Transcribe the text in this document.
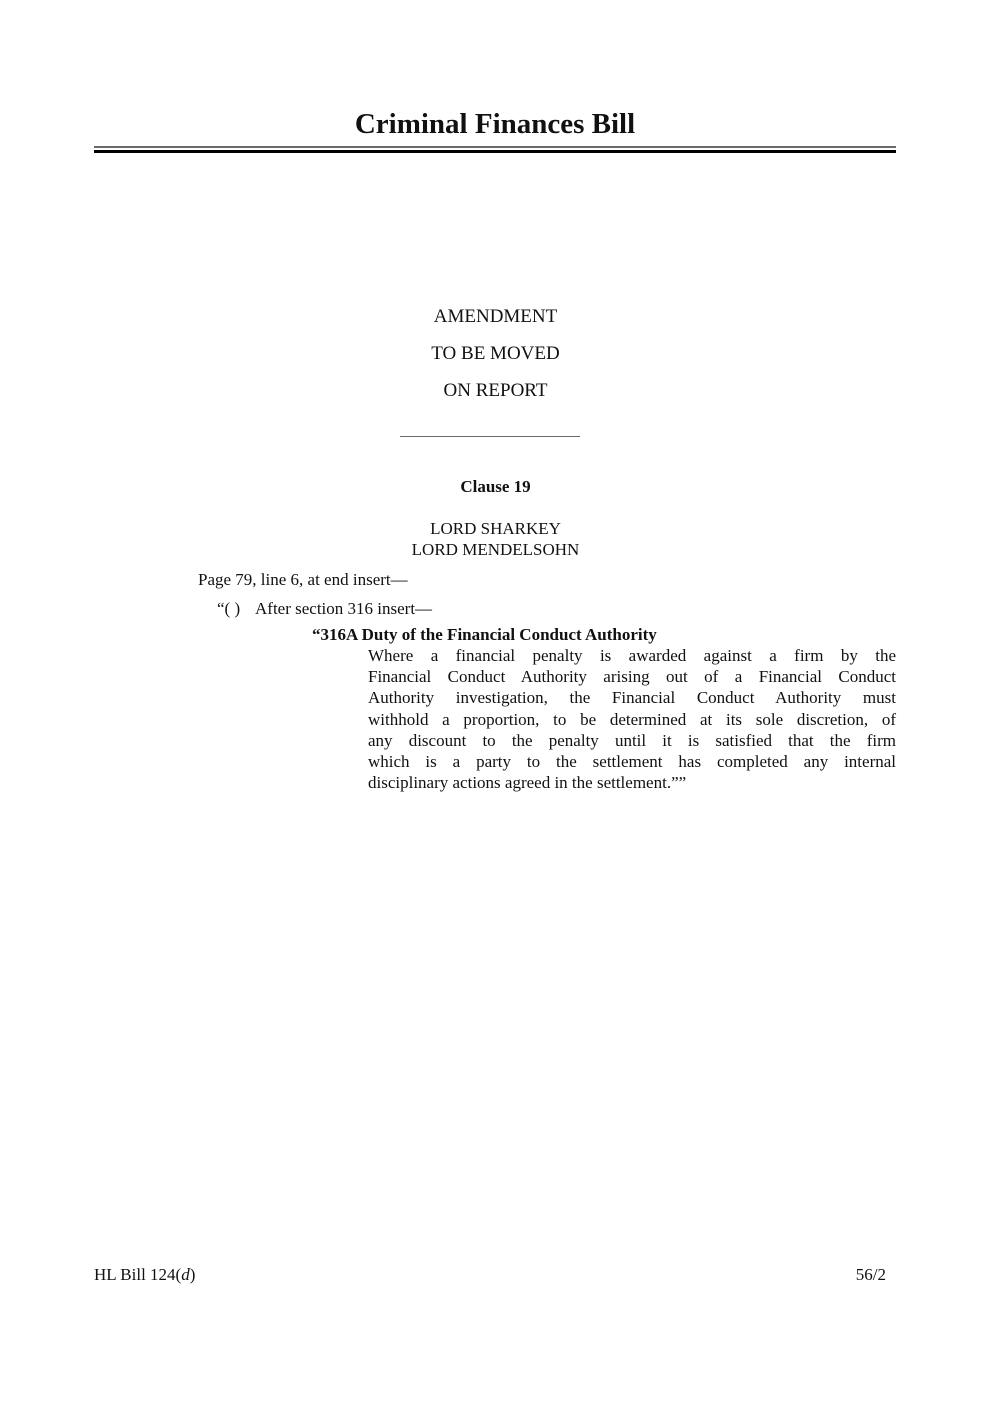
Criminal Finances Bill
AMENDMENT
TO BE MOVED
ON REPORT
Clause 19
LORD SHARKEY
LORD MENDELSOHN
Page 79, line 6, at end insert—
“( ) After section 316 insert—
“316A Duty of the Financial Conduct Authority
Where a financial penalty is awarded against a firm by the
Financial Conduct Authority arising out of a Financial Conduct
Authority investigation, the Financial Conduct Authority must
withhold a proportion, to be determined at its sole discretion, of
any discount to the penalty until it is satisfied that the firm
which is a party to the settlement has completed any internal
disciplinary actions agreed in the settlement.””
HL Bill 124(d)	56/2
